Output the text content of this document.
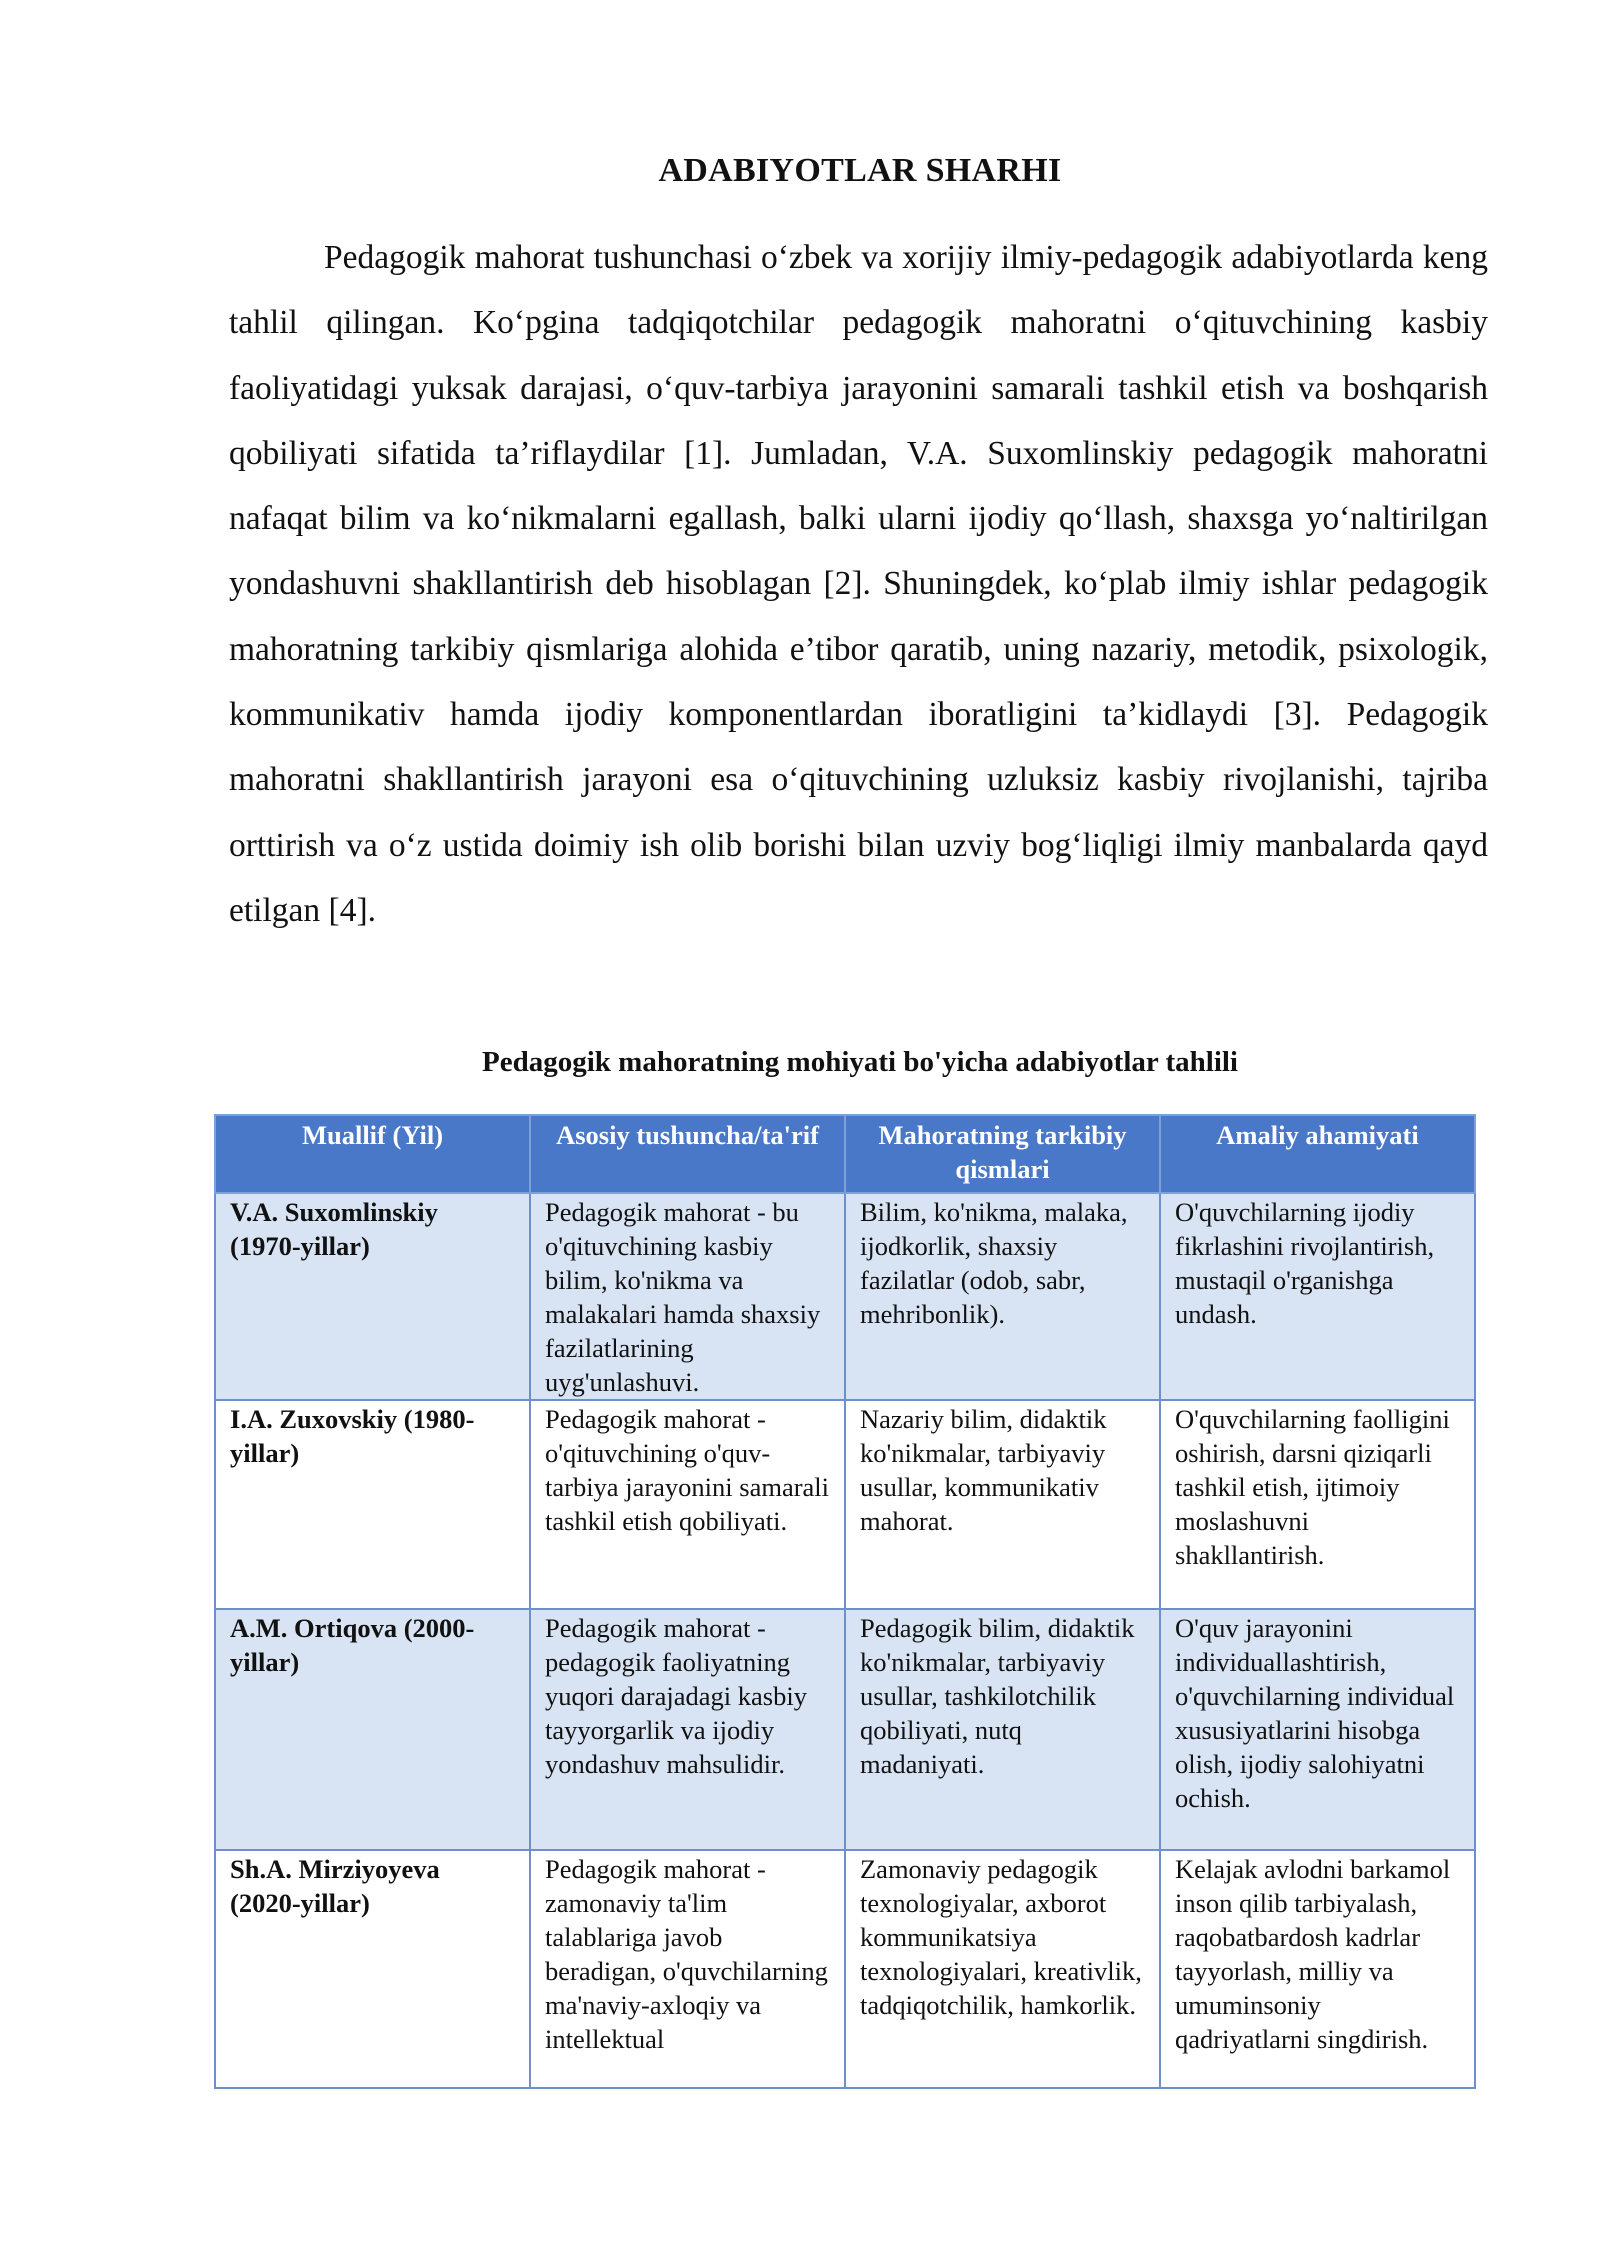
ADABIYOTLAR SHARHI

Pedagogik mahorat tushunchasi oʻzbek va xorijiy ilmiy-pedagogik adabiyotlarda keng tahlil qilingan. Koʻpgina tadqiqotchilar pedagogik mahoratni oʻqituvchining kasbiy faoliyatidagi yuksak darajasi, oʻquv-tarbiya jarayonini samarali tashkil etish va boshqarish qobiliyati sifatida ta’riflaydilar [1]. Jumladan, V.A. Suxomlinskiy pedagogik mahoratni nafaqat bilim va koʻnikmalarni egallash, balki ularni ijodiy qoʻllash, shaxsga yoʻnaltirilgan yondashuvni shakllantirish deb hisoblagan [2]. Shuningdek, koʻplab ilmiy ishlar pedagogik mahoratning tarkibiy qismlariga alohida e’tibor qaratib, uning nazariy, metodik, psixologik, kommunikativ hamda ijodiy komponentlardan iboratligini ta’kidlaydi [3]. Pedagogik mahoratni shakllantirish jarayoni esa oʻqituvchining uzluksiz kasbiy rivojlanishi, tajriba orttirish va oʻz ustida doimiy ish olib borishi bilan uzviy bogʻliqligi ilmiy manbalarda qayd etilgan [4].

Pedagogik mahoratning mohiyati bo'yicha adabiyotlar tahlili
Muallif (Yil)	Asosiy tushuncha/ta'rif	Mahoratning tarkibiy qismlari	Amaliy ahamiyati
V.A. Suxomlinskiy (1970-yillar)	Pedagogik mahorat - bu o'qituvchining kasbiy bilim, ko'nikma va malakalari hamda shaxsiy fazilatlarining uyg'unlashuvi.	Bilim, ko'nikma, malaka, ijodkorlik, shaxsiy fazilatlar (odob, sabr, mehribonlik).	O'quvchilarning ijodiy fikrlashini rivojlantirish, mustaqil o'rganishga undash.
I.A. Zuxovskiy (1980-yillar)	Pedagogik mahorat - o'qituvchining o'quv-tarbiya jarayonini samarali tashkil etish qobiliyati.	Nazariy bilim, didaktik ko'nikmalar, tarbiyaviy usullar, kommunikativ mahorat.	O'quvchilarning faolligini oshirish, darsni qiziqarli tashkil etish, ijtimoiy moslashuvni shakllantirish.
A.M. Ortiqova (2000-yillar)	Pedagogik mahorat - pedagogik faoliyatning yuqori darajadagi kasbiy tayyorgarlik va ijodiy yondashuv mahsulidir.	Pedagogik bilim, didaktik ko'nikmalar, tarbiyaviy usullar, tashkilotchilik qobiliyati, nutq madaniyati.	O'quv jarayonini individuallashtirish, o'quvchilarning individual xususiyatlarini hisobga olish, ijodiy salohiyatni ochish.
Sh.A. Mirziyoyeva (2020-yillar)	Pedagogik mahorat - zamonaviy ta'lim talablariga javob beradigan, o'quvchilarning ma'naviy-axloqiy va intellektual	Zamonaviy pedagogik texnologiyalar, axborot kommunikatsiya texnologiyalari, kreativlik, tadqiqotchilik, hamkorlik.	Kelajak avlodni barkamol inson qilib tarbiyalash, raqobatbardosh kadrlar tayyorlash, milliy va umuminsoniy qadriyatlarni singdirish.
